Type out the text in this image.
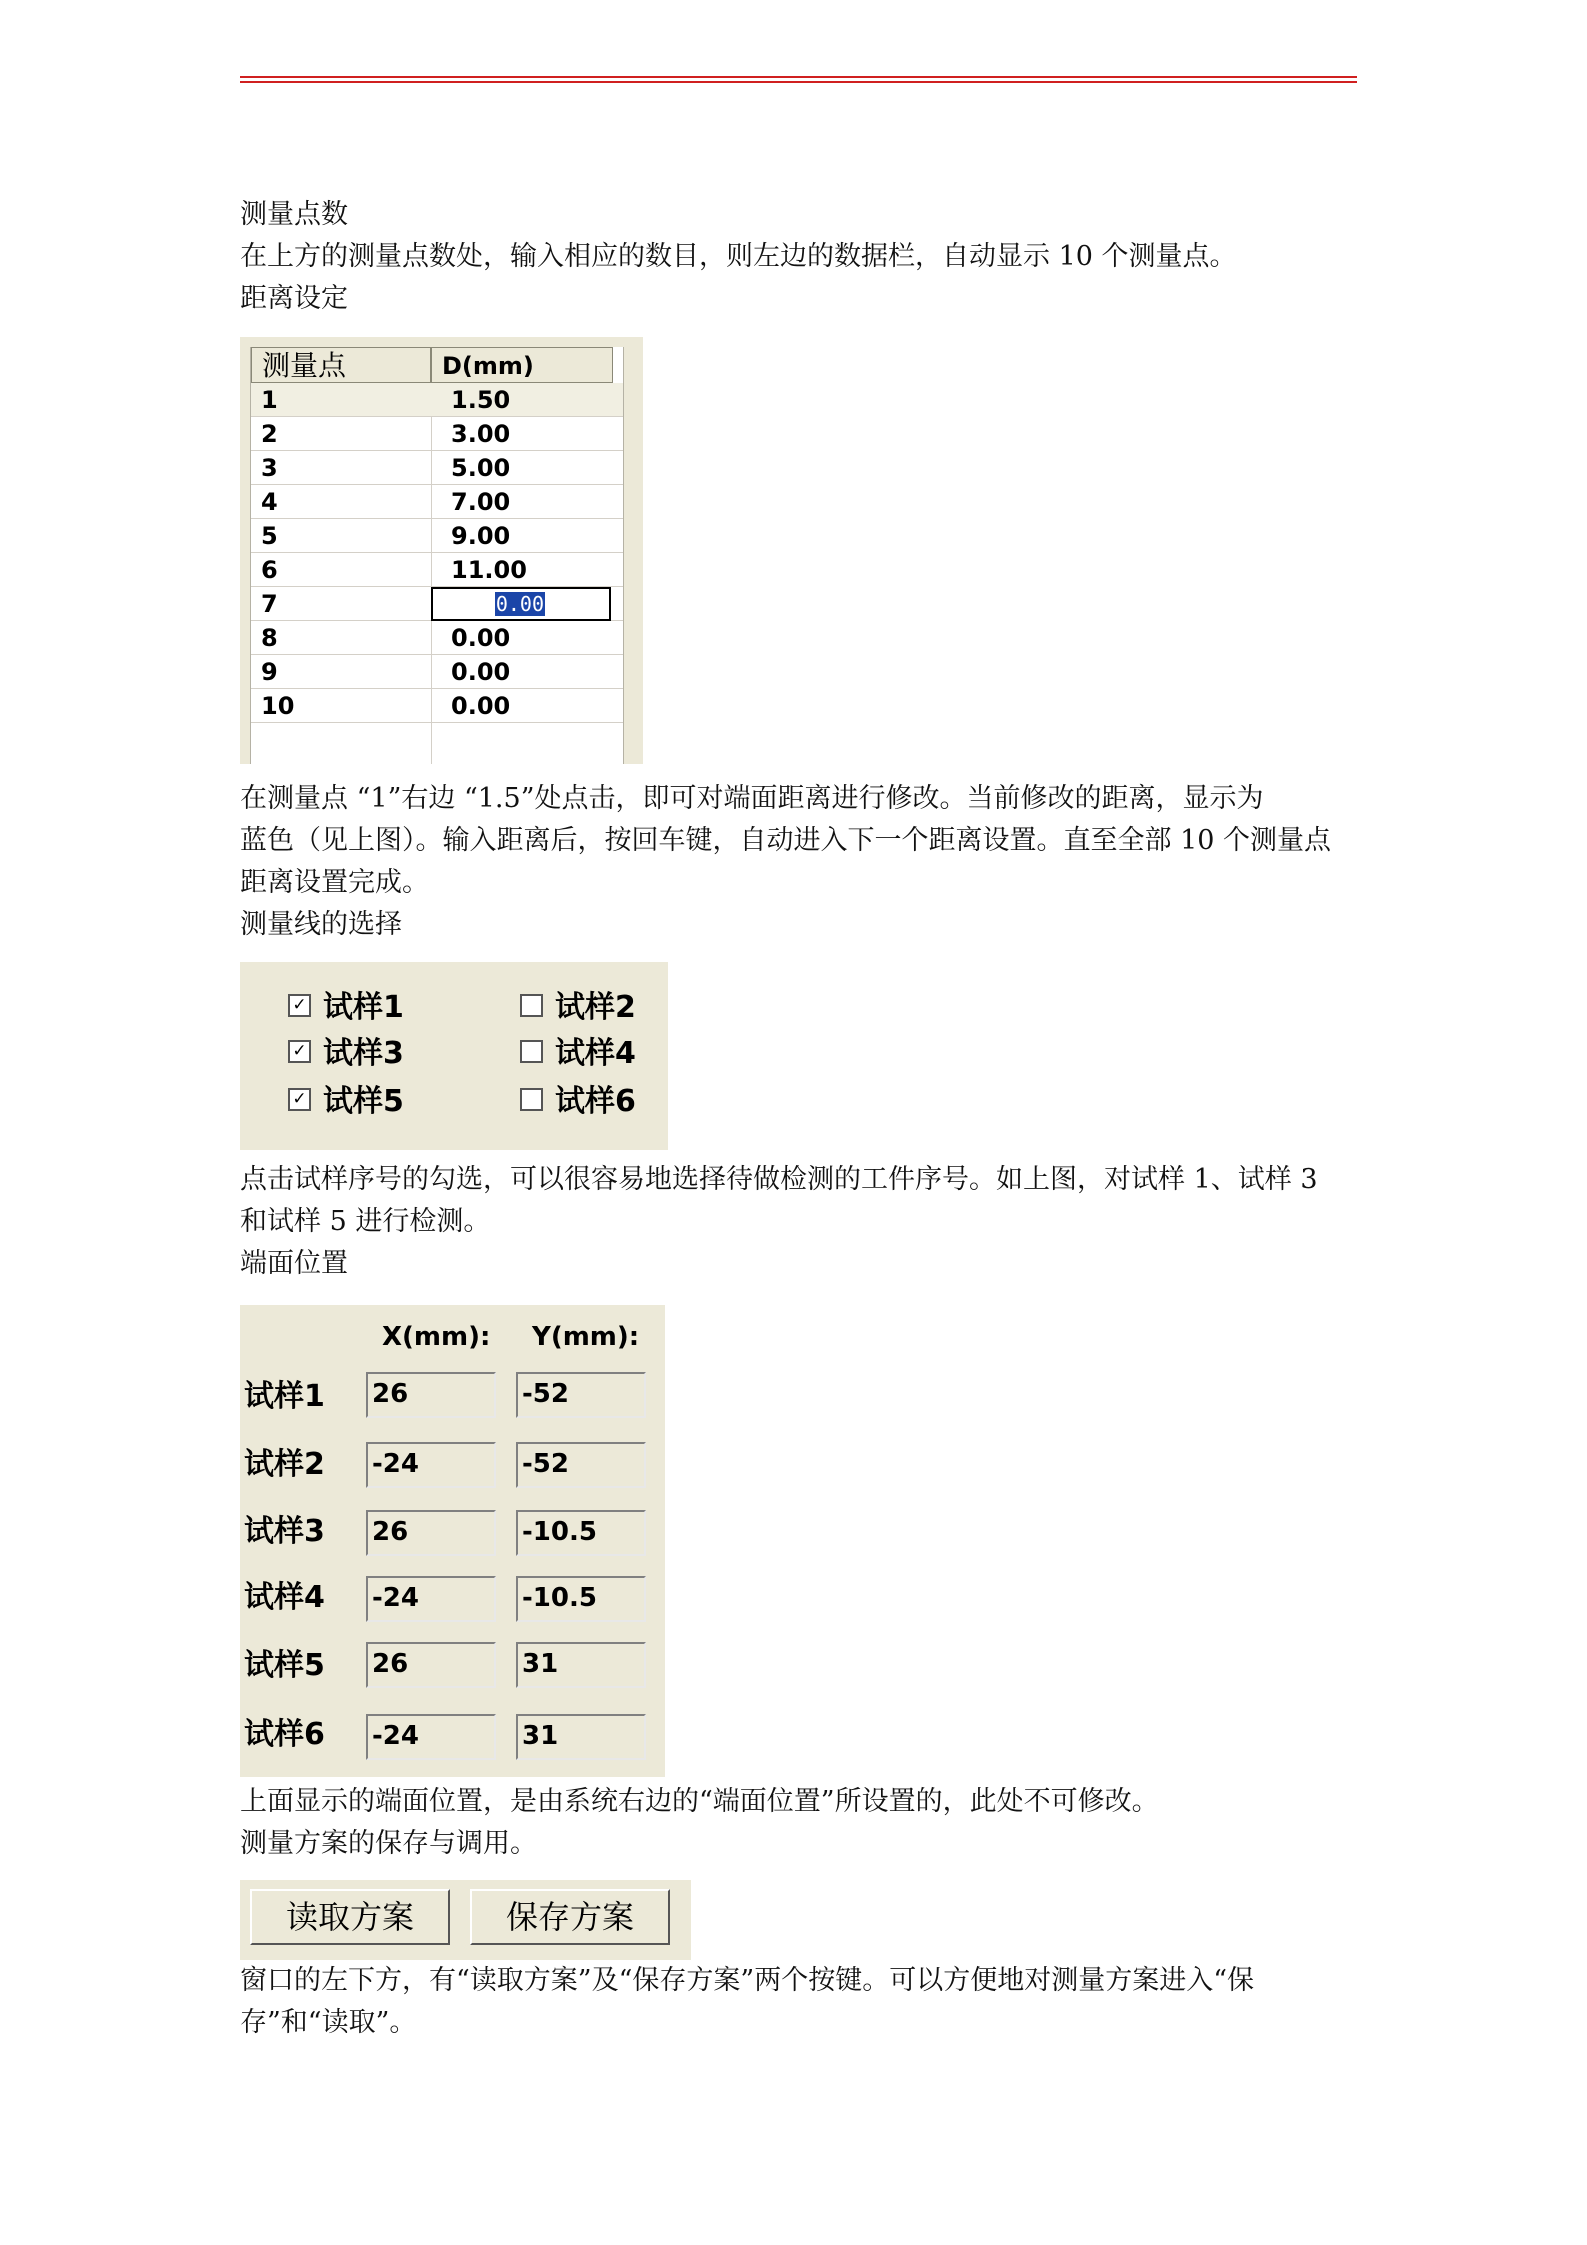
测量点数
在上方的测量点数处，输入相应的数目，则左边的数据栏，自动显示 10 个测量点。
距离设定
测量点	D(mm)
1	1.50
2	3.00
3	5.00
4	7.00
5	9.00
6	11.00
7	0.00
8	0.00
9	0.00
10	0.00
在测量点 “1”右边 “1.5”处点击，即可对端面距离进行修改。当前修改的距离，显示为
蓝色（见上图）。输入距离后，按回车键，自动进入下一个距离设置。直至全部 10 个测量点
距离设置完成。
测量线的选择
✓ 试样1	试样2
✓ 试样3	试样4
✓ 试样5	试样6
点击试样序号的勾选，可以很容易地选择待做检测的工件序号。如上图，对试样 1、试样 3
和试样 5 进行检测。
端面位置
X(mm): Y(mm):
试样1 26	-52
试样2 -24	-52
试样3 26	-10.5
试样4 -24	-10.5
试样5 26	31
试样6 -24	31
上面显示的端面位置，是由系统右边的“端面位置”所设置的，此处不可修改。
测量方案的保存与调用。
读取方案	保存方案
窗口的左下方，有“读取方案”及“保存方案”两个按键。可以方便地对测量方案进入“保
存”和“读取”。
